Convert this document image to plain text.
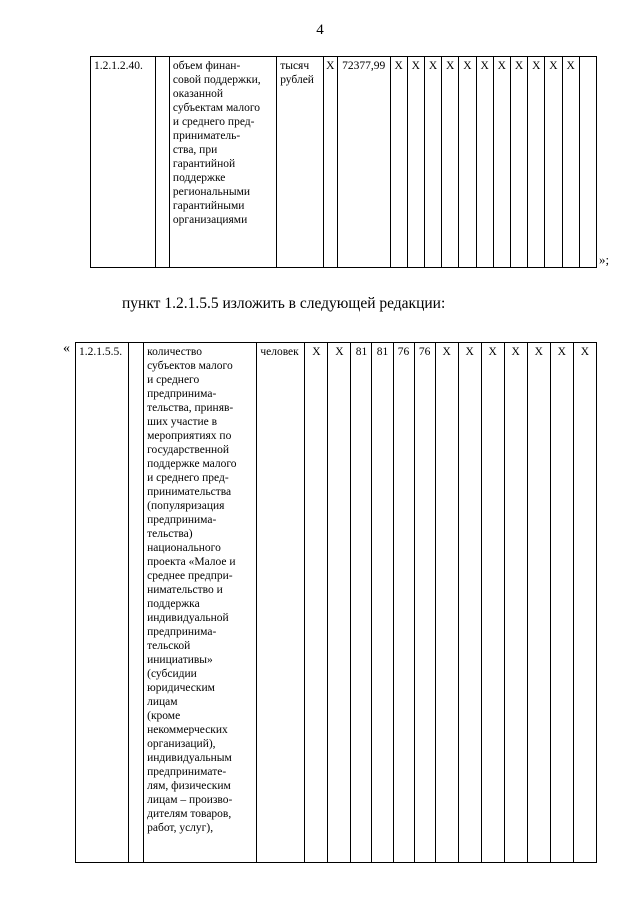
4
1.2.1.2.40.		объем финан-
совой поддержки,
оказанной
субъектам малого
и среднего пред-
приниматель-
ства, при
гарантийной
поддержке
региональными
гарантийными
организациями	тысяч рублей	X	72377,99	X	X	X	X	X	X	X	X	X	X	X	
»;
пункт 1.2.1.5.5 изложить в следующей редакции:
« 1.2.1.5.5.		количество
субъектов малого
и среднего
предпринима-
тельства, приняв-
ших участие в
мероприятиях по
государственной
поддержке малого
и среднего пред-
принимательства
(популяризация
предпринима-
тельства)
национального
проекта «Малое и
среднее предпри-
нимательство и
поддержка
индивидуальной
предпринима-
тельской
инициативы»
(субсидии
юридическим
лицам
(кроме
некоммерческих
организаций),
индивидуальным
предпринимате-
лям, физическим
лицам – произво-
дителям товаров,
работ, услуг),	человек	X	X	81	81	76	76	X	X	X	X	X	X	X
